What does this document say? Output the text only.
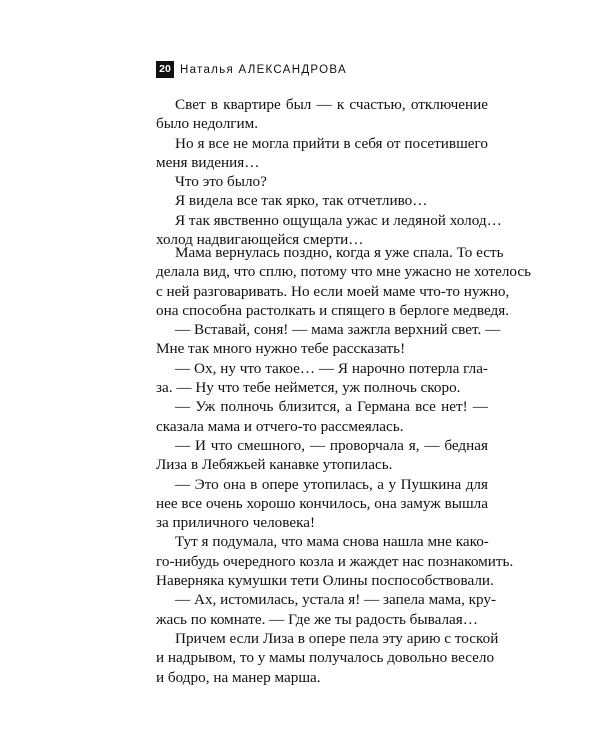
20 Наталья АЛЕКСАНДРОВА
Свет в квартире был — к счастью, отключение
было недолгим.
Но я все не могла прийти в себя от посетившего
меня видения…
Что это было?
Я видела все так ярко, так отчетливо…
Я так явственно ощущала ужас и ледяной холод…
холод надвигающейся смерти…
Мама вернулась поздно, когда я уже спала. То есть
делала вид, что сплю, потому что мне ужасно не хотелось
с ней разговаривать. Но если моей маме что-то нужно,
она способна растолкать и спящего в берлоге медведя.
— Вставай, соня! — мама зажгла верхний свет. —
Мне так много нужно тебе рассказать!
— Ох, ну что такое… — Я нарочно потерла гла-
за. — Ну что тебе неймется, уж полночь скоро.
— Уж полночь близится, а Германа все нет! —
сказала мама и отчего-то рассмеялась.
— И что смешного, — проворчала я, — бедная
Лиза в Лебяжьей канавке утопилась.
— Это она в опере утопилась, а у Пушкина для
нее все очень хорошо кончилось, она замуж вышла
за приличного человека!
Тут я подумала, что мама снова нашла мне како-
го-нибудь очередного козла и жаждет нас познакомить.
Наверняка кумушки тети Олины поспособствовали.
— Ах, истомилась, устала я! — запела мама, кру-
жась по комнате. — Где же ты радость бывалая…
Причем если Лиза в опере пела эту арию с тоской
и надрывом, то у мамы получалось довольно весело
и бодро, на манер марша.
